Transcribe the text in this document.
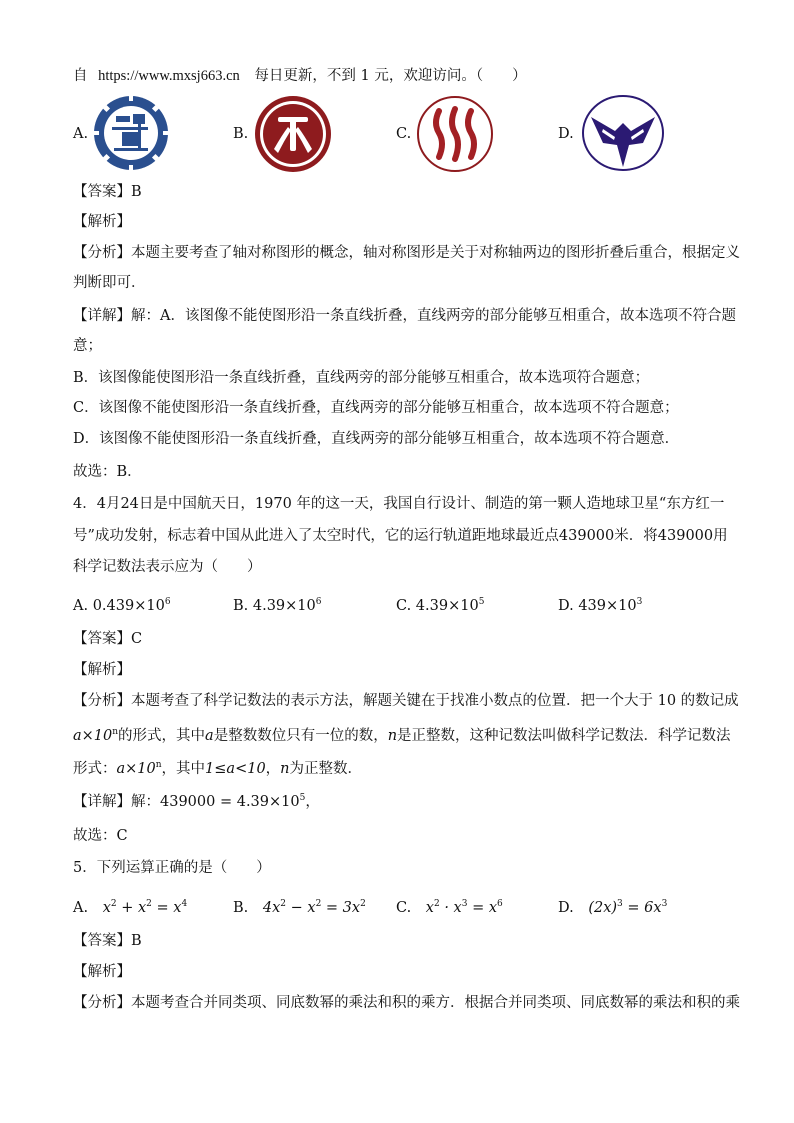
自 https://www.mxsj663.cn 每日更新，不到 1 元，欢迎访问。（　　）
A.	B.	C.	D.
【答案】B
【解析】
【分析】本题主要考查了轴对称图形的概念，轴对称图形是关于对称轴两边的图形折叠后重合，根据定义
判断即可．
【详解】解：A．该图像不能使图形沿一条直线折叠，直线两旁的部分能够互相重合，故本选项不符合题
意；
B．该图像能使图形沿一条直线折叠，直线两旁的部分能够互相重合，故本选项符合题意；
C．该图像不能使图形沿一条直线折叠，直线两旁的部分能够互相重合，故本选项不符合题意；
D．该图像不能使图形沿一条直线折叠，直线两旁的部分能够互相重合，故本选项不符合题意．
故选：B．
4．4月24日是中国航天日，1970 年的这一天，我国自行设计、制造的第一颗人造地球卫星“东方红一
号”成功发射，标志着中国从此进入了太空时代，它的运行轨道距地球最近点439000米．将439000用
科学记数法表示应为（　　）
A. $0.439\times 10^6$	B. $4.39\times 10^6$	C. $4.39\times 10^5$	D. $439\times 10^3$
【答案】C
【解析】
【分析】本题考查了科学记数法的表示方法，解题关键在于找准小数点的位置．把一个大于 10 的数记成
$a\times 10^n$的形式，其中a是整数数位只有一位的数，n是正整数，这种记数法叫做科学记数法．科学记数法
形式：$a\times 10^n$，其中1≤a<10，n为正整数．
【详解】解：$439000 = 4.39\times 10^5$，
故选：C
5．下列运算正确的是（　　）
A. $x^2 + x^2 = x^4$	B. $4x^2 - x^2 = 3x^2$ C. $x^2 \cdot x^3 = x^6$	D. $(2x)^3 = 6x^3$
【答案】B
【解析】
【分析】本题考查合并同类项、同底数幂的乘法和积的乘方．根据合并同类项、同底数幂的乘法和积的乘
